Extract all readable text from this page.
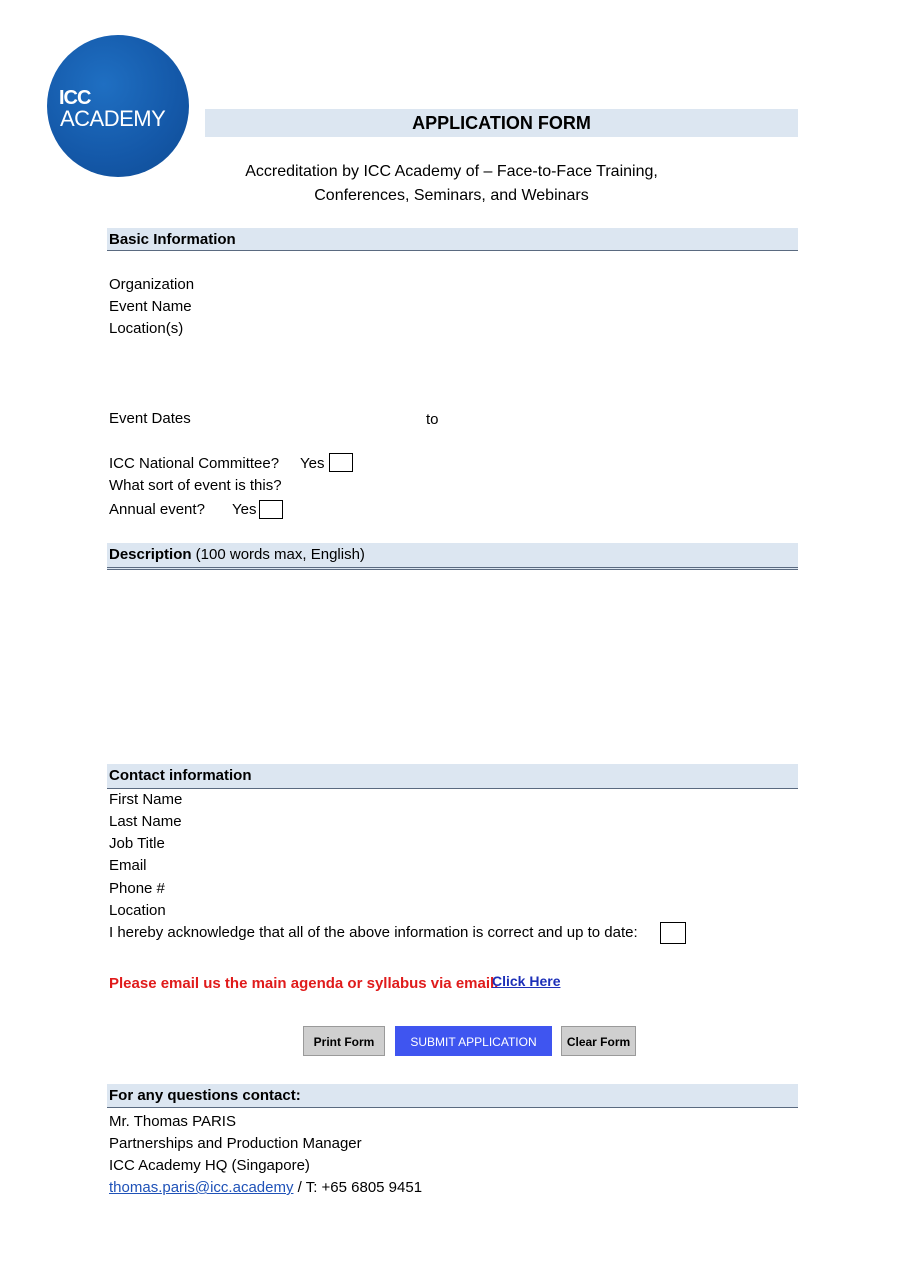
ICC
ACADEMY	APPLICATION FORM
Accreditation by ICC Academy of – Face-to-Face Training,
Conferences, Seminars, and Webinars
Basic Information
Organization
Event Name
Location(s)
Event Dates	to
ICC National Committee? Yes
What sort of event is this?
Annual event? Yes
Description (100 words max, English)
Contact information
First Name
Last Name
Job Title
Email
Phone #
Location
I hereby acknowledge that all of the above information is correct and up to date:
Please email us the main agenda or syllabus via email.
Click Here
Print Form	SUBMIT APPLICATION	Clear Form
For any questions contact:
Mr. Thomas PARIS
Partnerships and Production Manager
ICC Academy HQ (Singapore)
thomas.paris@icc.academy / T: +65 6805 9451
